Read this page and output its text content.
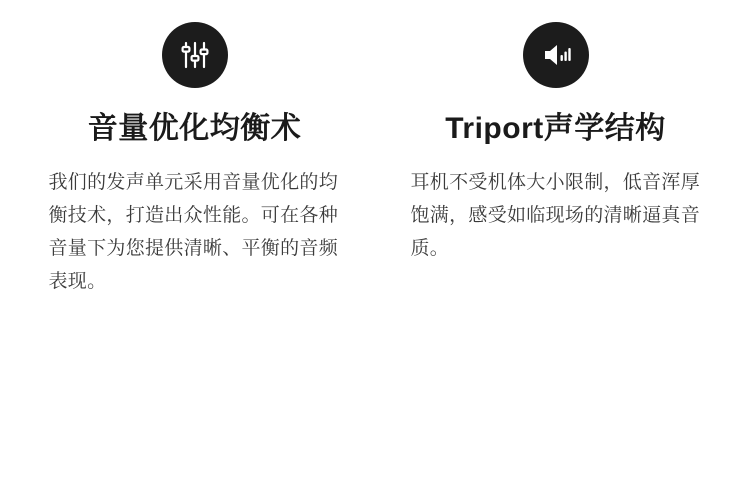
音量优化均衡术
我们的发声单元采用音量优化的均衡技术，打造出众性能。可在各种音量下为您提供清晰、平衡的音频表现。
Triport声学结构
耳机不受机体大小限制，低音浑厚饱满，感受如临现场的清晰逼真音质。
